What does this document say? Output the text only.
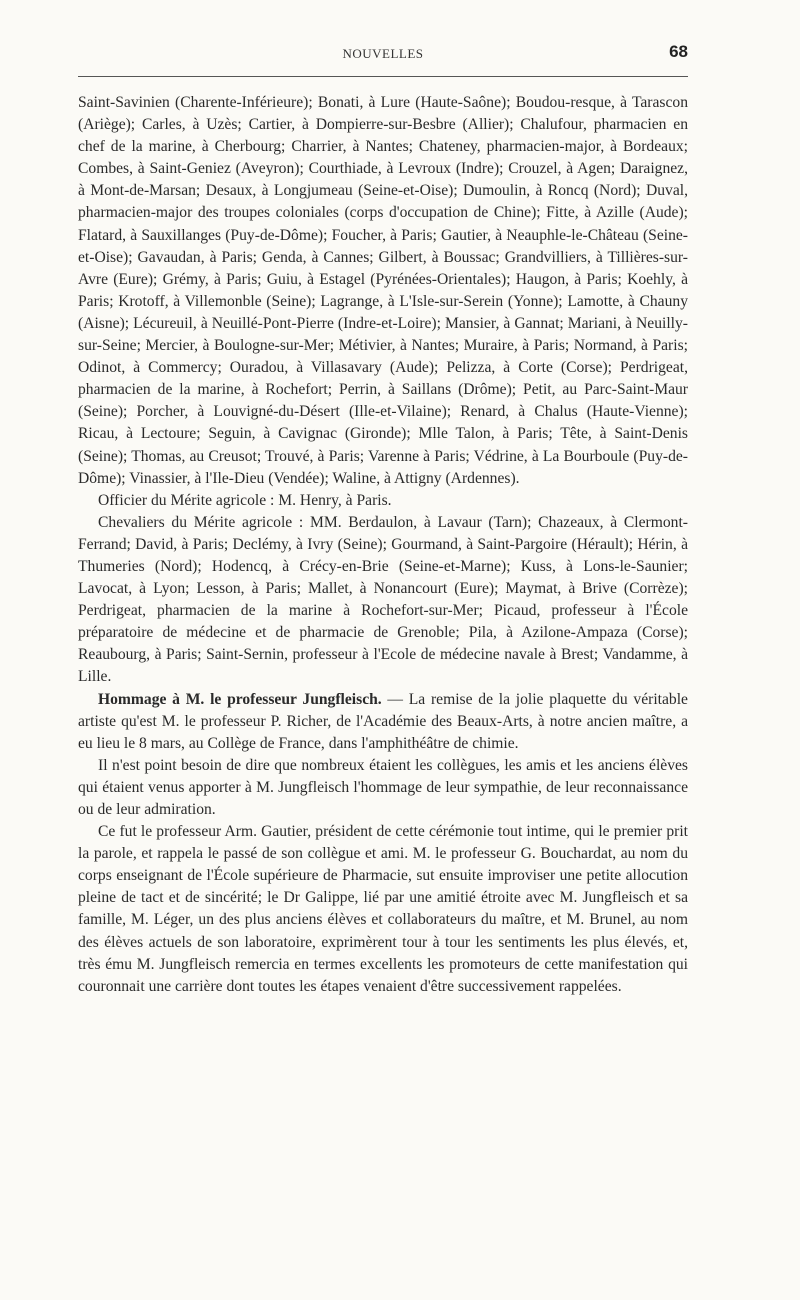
NOUVELLES	68

Saint-Savinien (Charente-Inférieure); Bonati, à Lure (Haute-Saône); Boudou-resque, à Tarascon (Ariège); Carles, à Uzès; Cartier, à Dompierre-sur-Besbre (Allier); Chalufour, pharmacien en chef de la marine, à Cherbourg; Charrier, à Nantes; Chateney, pharmacien-major, à Bordeaux; Combes, à Saint-Geniez (Aveyron); Courthiade, à Levroux (Indre); Crouzel, à Agen; Daraignez, à Mont-de-Marsan; Desaux, à Longjumeau (Seine-et-Oise); Dumoulin, à Roncq (Nord); Duval, pharmacien-major des troupes coloniales (corps d'occupation de Chine); Fitte, à Azille (Aude); Flatard, à Sauxillanges (Puy-de-Dôme); Foucher, à Paris; Gautier, à Neauphle-le-Château (Seine-et-Oise); Gavaudan, à Paris; Genda, à Cannes; Gilbert, à Boussac; Grandvilliers, à Tillières-sur-Avre (Eure); Grémy, à Paris; Guiu, à Estagel (Pyrénées-Orientales); Haugon, à Paris; Koehly, à Paris; Krotoff, à Villemonble (Seine); Lagrange, à L'Isle-sur-Serein (Yonne); Lamotte, à Chauny (Aisne); Lécureuil, à Neuillé-Pont-Pierre (Indre-et-Loire); Mansier, à Gannat; Mariani, à Neuilly-sur-Seine; Mercier, à Boulogne-sur-Mer; Métivier, à Nantes; Muraire, à Paris; Normand, à Paris; Odinot, à Commercy; Ouradou, à Villasavary (Aude); Pelizza, à Corte (Corse); Perdrigeat, pharmacien de la marine, à Rochefort; Perrin, à Saillans (Drôme); Petit, au Parc-Saint-Maur (Seine); Porcher, à Louvigné-du-Désert (Ille-et-Vilaine); Renard, à Chalus (Haute-Vienne); Ricau, à Lectoure; Seguin, à Cavignac (Gironde); Mlle Talon, à Paris; Tête, à Saint-Denis (Seine); Thomas, au Creusot; Trouvé, à Paris; Varenne à Paris; Védrine, à La Bourboule (Puy-de-Dôme); Vinassier, à l'Ile-Dieu (Vendée); Waline, à Attigny (Ardennes).

Officier du Mérite agricole : M. Henry, à Paris.

Chevaliers du Mérite agricole : MM. Berdaulon, à Lavaur (Tarn); Chazeaux, à Clermont-Ferrand; David, à Paris; Declémy, à Ivry (Seine); Gourmand, à Saint-Pargoire (Hérault); Hérin, à Thumeries (Nord); Hodencq, à Crécy-en-Brie (Seine-et-Marne); Kuss, à Lons-le-Saunier; Lavocat, à Lyon; Lesson, à Paris; Mallet, à Nonancourt (Eure); Maymat, à Brive (Corrèze); Perdrigeat, pharmacien de la marine à Rochefort-sur-Mer; Picaud, professeur à l'École préparatoire de médecine et de pharmacie de Grenoble; Pila, à Azilone-Ampaza (Corse); Reaubourg, à Paris; Saint-Sernin, professeur à l'Ecole de médecine navale à Brest; Vandamme, à Lille.

Hommage à M. le professeur Jungfleisch. — La remise de la jolie plaquette du véritable artiste qu'est M. le professeur P. Richer, de l'Académie des Beaux-Arts, à notre ancien maître, a eu lieu le 8 mars, au Collège de France, dans l'amphithéâtre de chimie.

Il n'est point besoin de dire que nombreux étaient les collègues, les amis et les anciens élèves qui étaient venus apporter à M. Jungfleisch l'hommage de leur sympathie, de leur reconnaissance ou de leur admiration.

Ce fut le professeur Arm. Gautier, président de cette cérémonie tout intime, qui le premier prit la parole, et rappela le passé de son collègue et ami. M. le professeur G. Bouchardat, au nom du corps enseignant de l'École supérieure de Pharmacie, sut ensuite improviser une petite allocution pleine de tact et de sincérité; le Dr Galippe, lié par une amitié étroite avec M. Jungfleisch et sa famille, M. Léger, un des plus anciens élèves et collaborateurs du maître, et M. Brunel, au nom des élèves actuels de son laboratoire, exprimèrent tour à tour les sentiments les plus élevés, et, très ému M. Jungfleisch remercia en termes excellents les promoteurs de cette manifestation qui couronnait une carrière dont toutes les étapes venaient d'être successivement rappelées.
